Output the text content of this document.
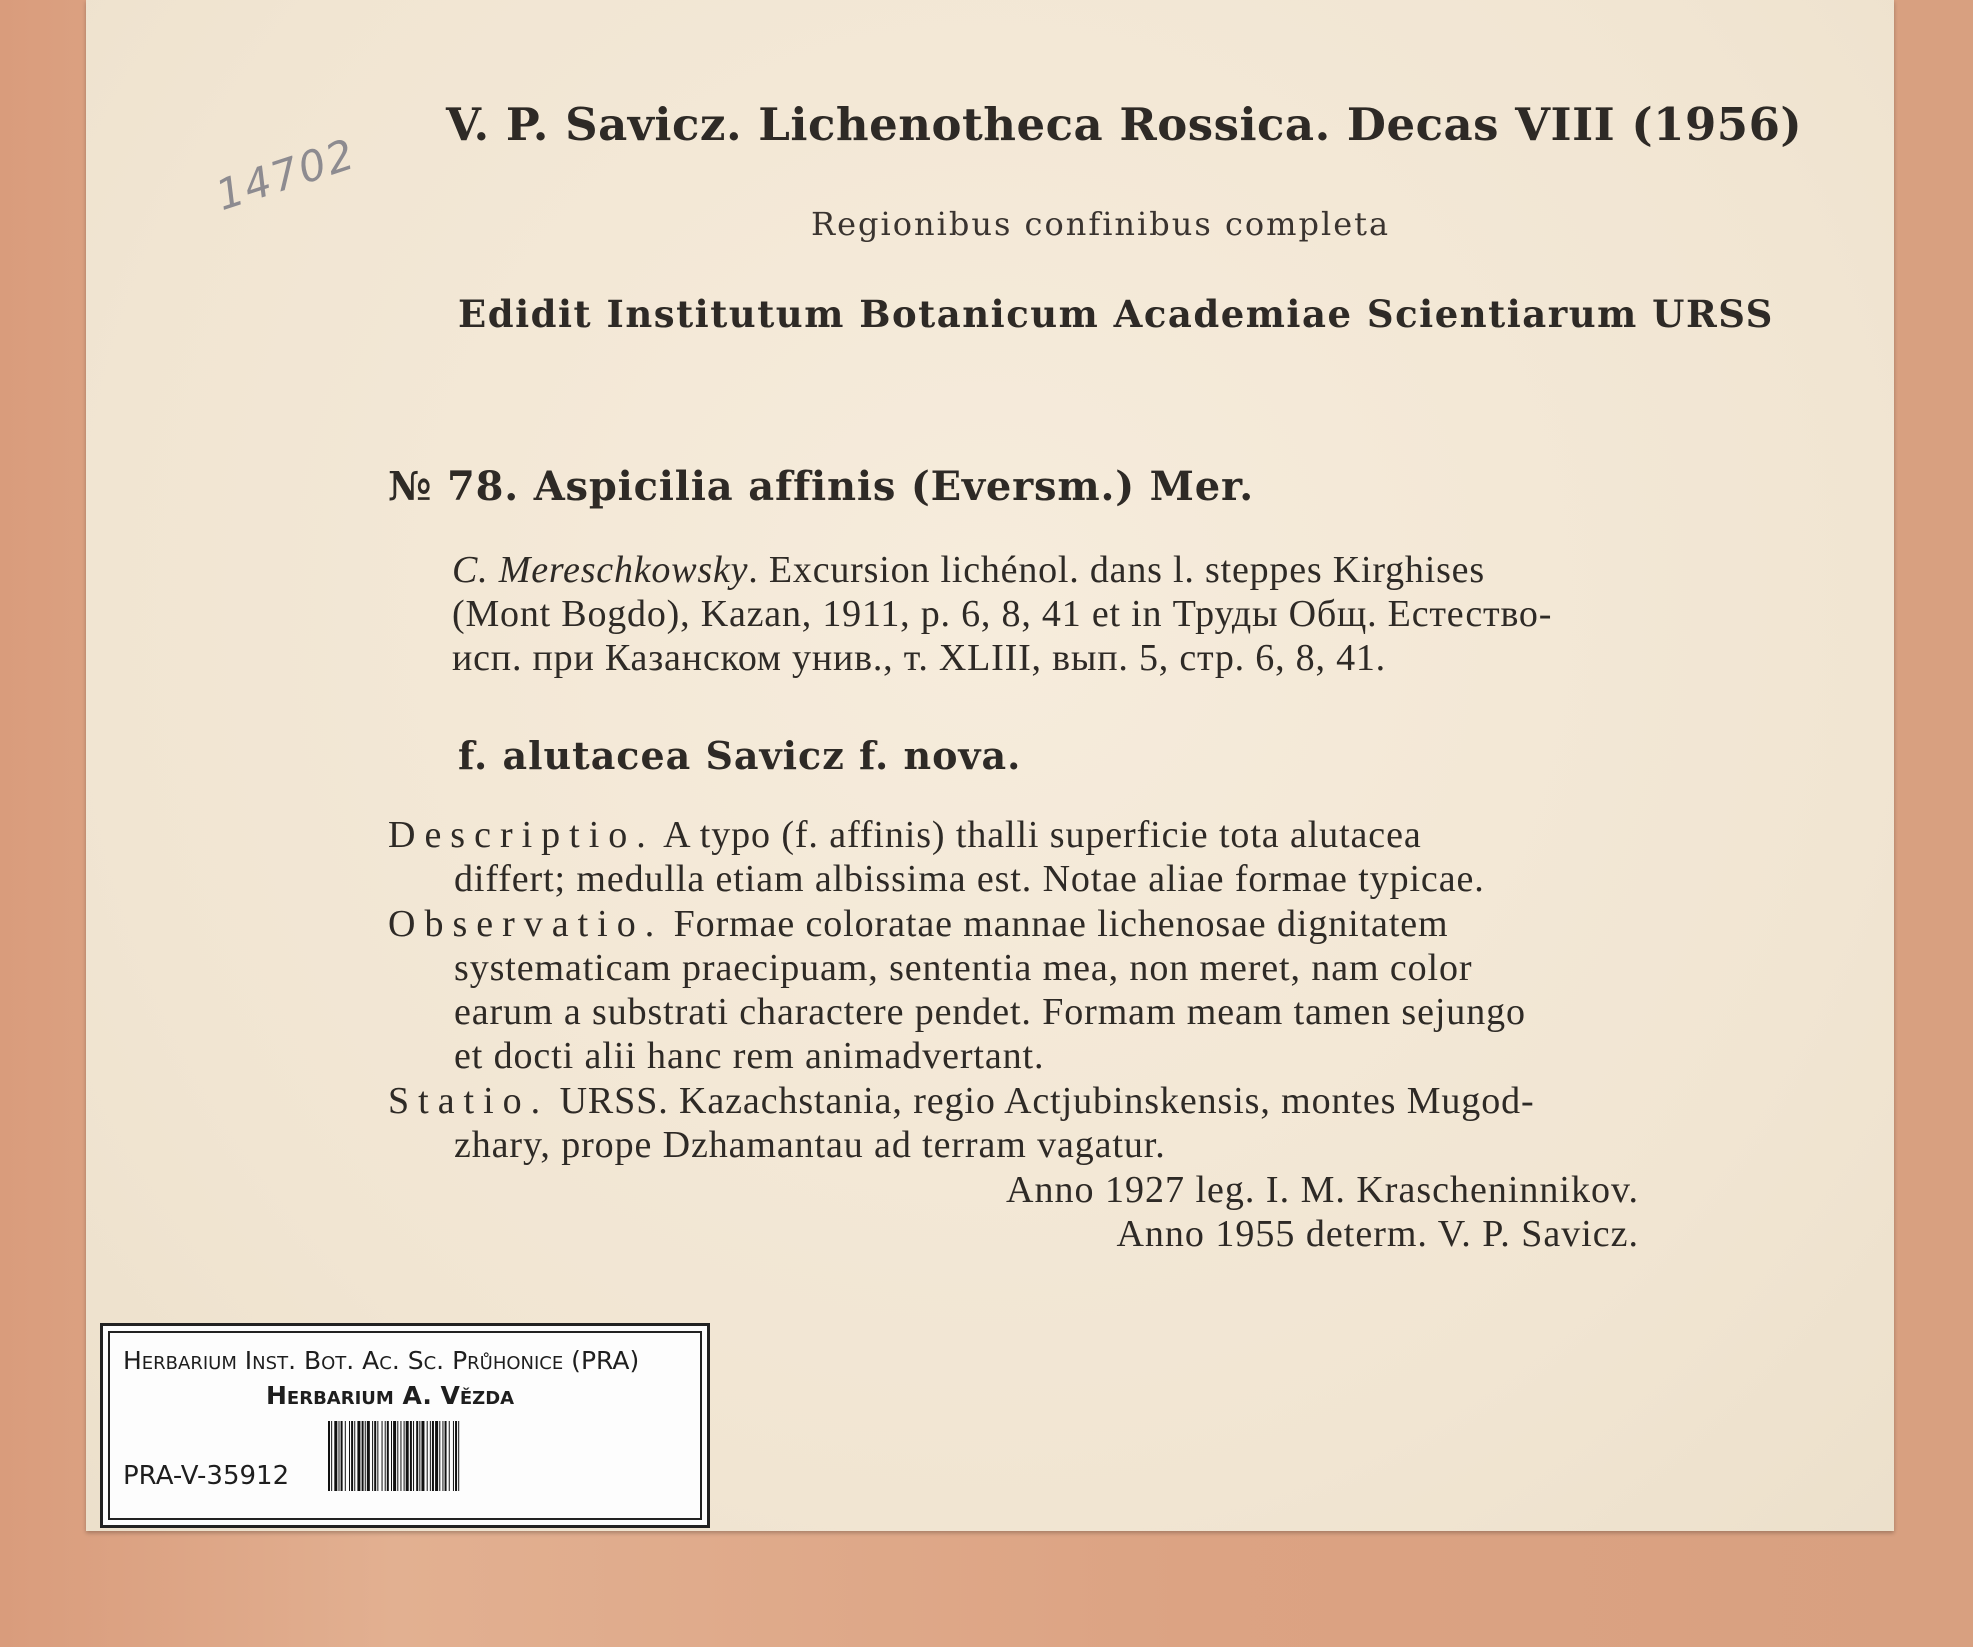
14702
V. P. Savicz. Lichenotheca Rossica. Decas VIII (1956)
Regionibus confinibus completa
Edidit Institutum Botanicum Academiae Scientiarum URSS
№ 78. Aspicilia affinis (Eversm.) Mer.
C. Mereschkowsky. Excursion lichénol. dans l. steppes Kirghises
(Mont Bogdo), Kazan, 1911, p. 6, 8, 41 et in Труды Общ. Естество-
исп. при Казанском унив., т. XLIII, вып. 5, стр. 6, 8, 41.
f. alutacea Savicz f. nova.
Descriptio. A typo (f. affinis) thalli superficie tota alutacea
differt; medulla etiam albissima est. Notae aliae formae typicae.
Observatio. Formae coloratae mannae lichenosae dignitatem
systematicam praecipuam, sententia mea, non meret, nam color
earum a substrati charactere pendet. Formam meam tamen sejungo
et docti alii hanc rem animadvertant.
Statio. URSS. Kazachstania, regio Actjubinskensis, montes Mugod-
zhary, prope Dzhamantau ad terram vagatur.
Anno 1927 leg. I. M. Krascheninnikov.
Anno 1955 determ. V. P. Savicz.
Herbarium Inst. Bot. Ac. Sc. Průhonice (PRA)
Herbarium A. Vězda
PRA-V-35912
